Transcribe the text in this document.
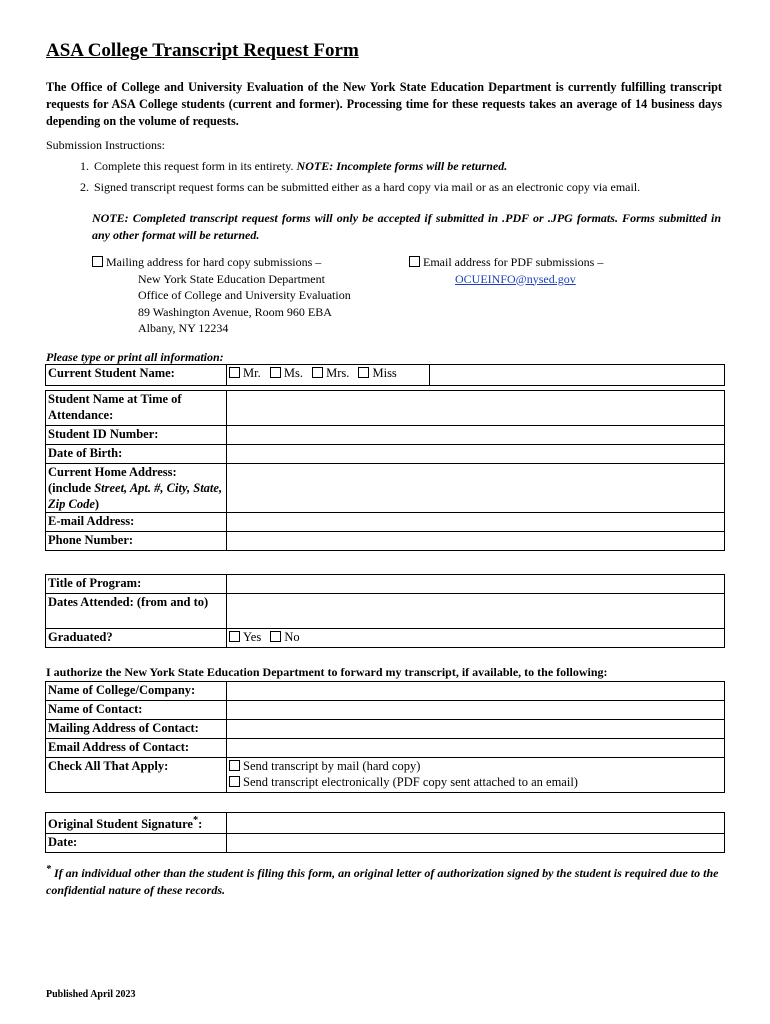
ASA College Transcript Request Form

The Office of College and University Evaluation of the New York State Education Department is currently fulfilling transcript requests for ASA College students (current and former). Processing time for these requests takes an average of 14 business days depending on the volume of requests.

Submission Instructions:

1. Complete this request form in its entirety. NOTE: Incomplete forms will be returned.
2. Signed transcript request forms can be submitted either as a hard copy via mail or as an electronic copy via email.

NOTE: Completed transcript request forms will only be accepted if submitted in .PDF or .JPG formats. Forms submitted in any other format will be returned.

Mailing address for hard copy submissions –
New York State Education Department
Office of College and University Evaluation
89 Washington Avenue, Room 960 EBA
Albany, NY 12234
Email address for PDF submissions –
OCUEINFO@nysed.gov

Please type or print all information:

Current Student Name:	Mr. Ms. Mrs. Miss	
Student Name at Time of Attendance:	
Student ID Number:	
Date of Birth:	
Current Home Address:
(include Street, Apt. #, City, State, Zip Code)	
E-mail Address:	
Phone Number:	
Title of Program:	
Dates Attended: (from and to)	
Graduated?	Yes No

I authorize the New York State Education Department to forward my transcript, if available, to the following:

Name of College/Company:	
Name of Contact:	
Mailing Address of Contact:	
Email Address of Contact:	
Check All That Apply:	Send transcript by mail (hard copy)
Send transcript electronically (PDF copy sent attached to an email)
Original Student Signature*:	
Date:	

* If an individual other than the student is filing this form, an original letter of authorization signed by the student is required due to the confidential nature of these records.

Published April 2023
